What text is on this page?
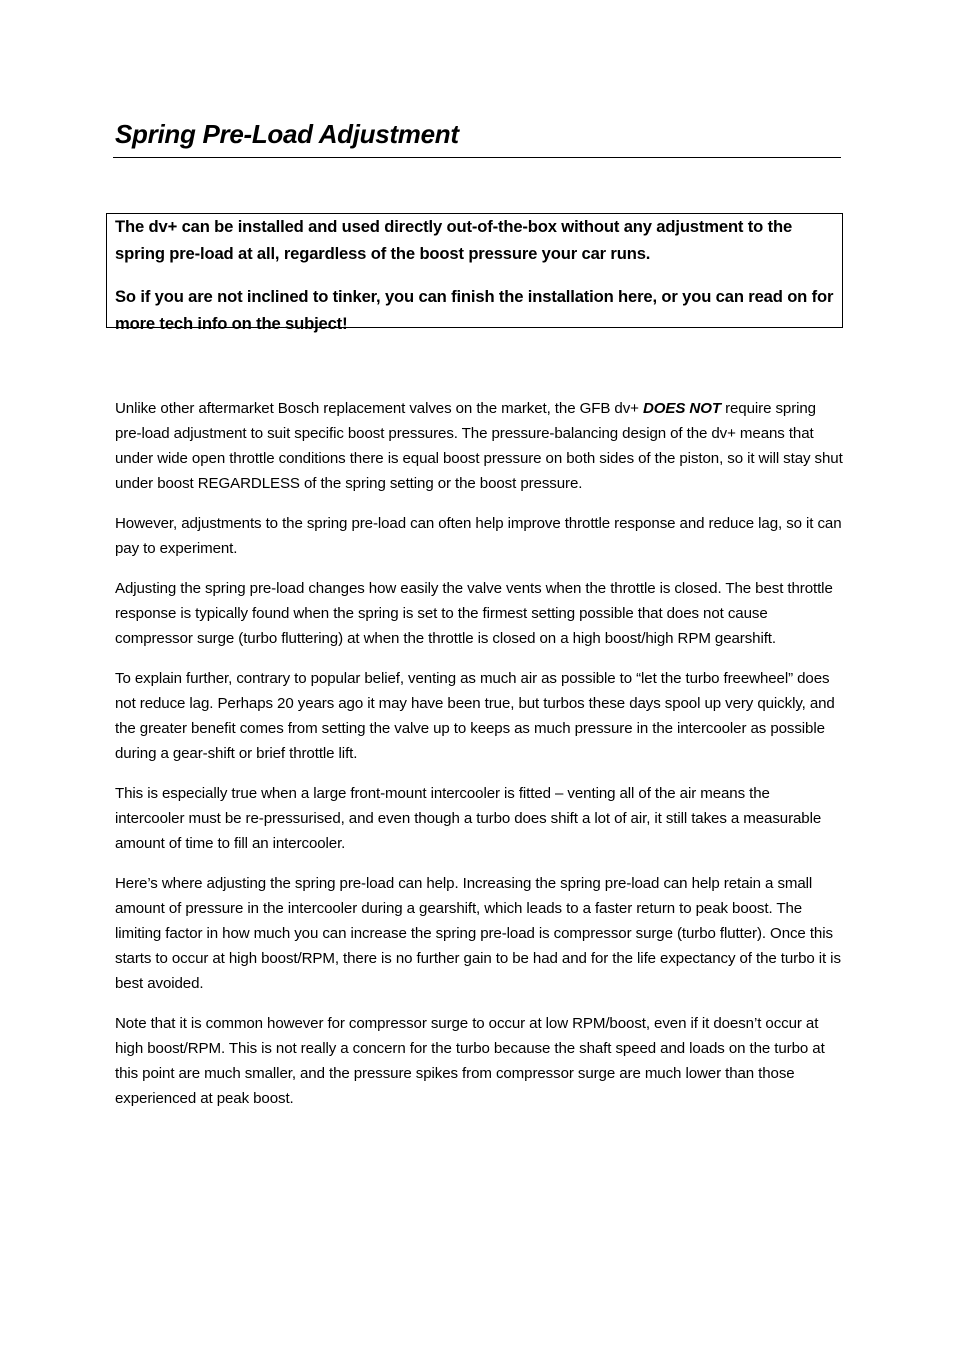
Spring Pre-Load Adjustment

The dv+ can be installed and used directly out-of-the-box without any adjustment to the spring pre-load at all, regardless of the boost pressure your car runs.

So if you are not inclined to tinker, you can finish the installation here, or you can read on for more tech info on the subject!

Unlike other aftermarket Bosch replacement valves on the market, the GFB dv+ DOES NOT require spring pre-load adjustment to suit specific boost pressures. The pressure-balancing design of the dv+ means that under wide open throttle conditions there is equal boost pressure on both sides of the piston, so it will stay shut under boost REGARDLESS of the spring setting or the boost pressure.

However, adjustments to the spring pre-load can often help improve throttle response and reduce lag, so it can pay to experiment.

Adjusting the spring pre-load changes how easily the valve vents when the throttle is closed. The best throttle response is typically found when the spring is set to the firmest setting possible that does not cause compressor surge (turbo fluttering) at when the throttle is closed on a high boost/high RPM gearshift.

To explain further, contrary to popular belief, venting as much air as possible to “let the turbo freewheel” does not reduce lag. Perhaps 20 years ago it may have been true, but turbos these days spool up very quickly, and the greater benefit comes from setting the valve up to keeps as much pressure in the intercooler as possible during a gear-shift or brief throttle lift.

This is especially true when a large front-mount intercooler is fitted – venting all of the air means the intercooler must be re-pressurised, and even though a turbo does shift a lot of air, it still takes a measurable amount of time to fill an intercooler.

Here’s where adjusting the spring pre-load can help. Increasing the spring pre-load can help retain a small amount of pressure in the intercooler during a gearshift, which leads to a faster return to peak boost. The limiting factor in how much you can increase the spring pre-load is compressor surge (turbo flutter). Once this starts to occur at high boost/RPM, there is no further gain to be had and for the life expectancy of the turbo it is best avoided.

Note that it is common however for compressor surge to occur at low RPM/boost, even if it doesn’t occur at high boost/RPM. This is not really a concern for the turbo because the shaft speed and loads on the turbo at this point are much smaller, and the pressure spikes from compressor surge are much lower than those experienced at peak boost.
